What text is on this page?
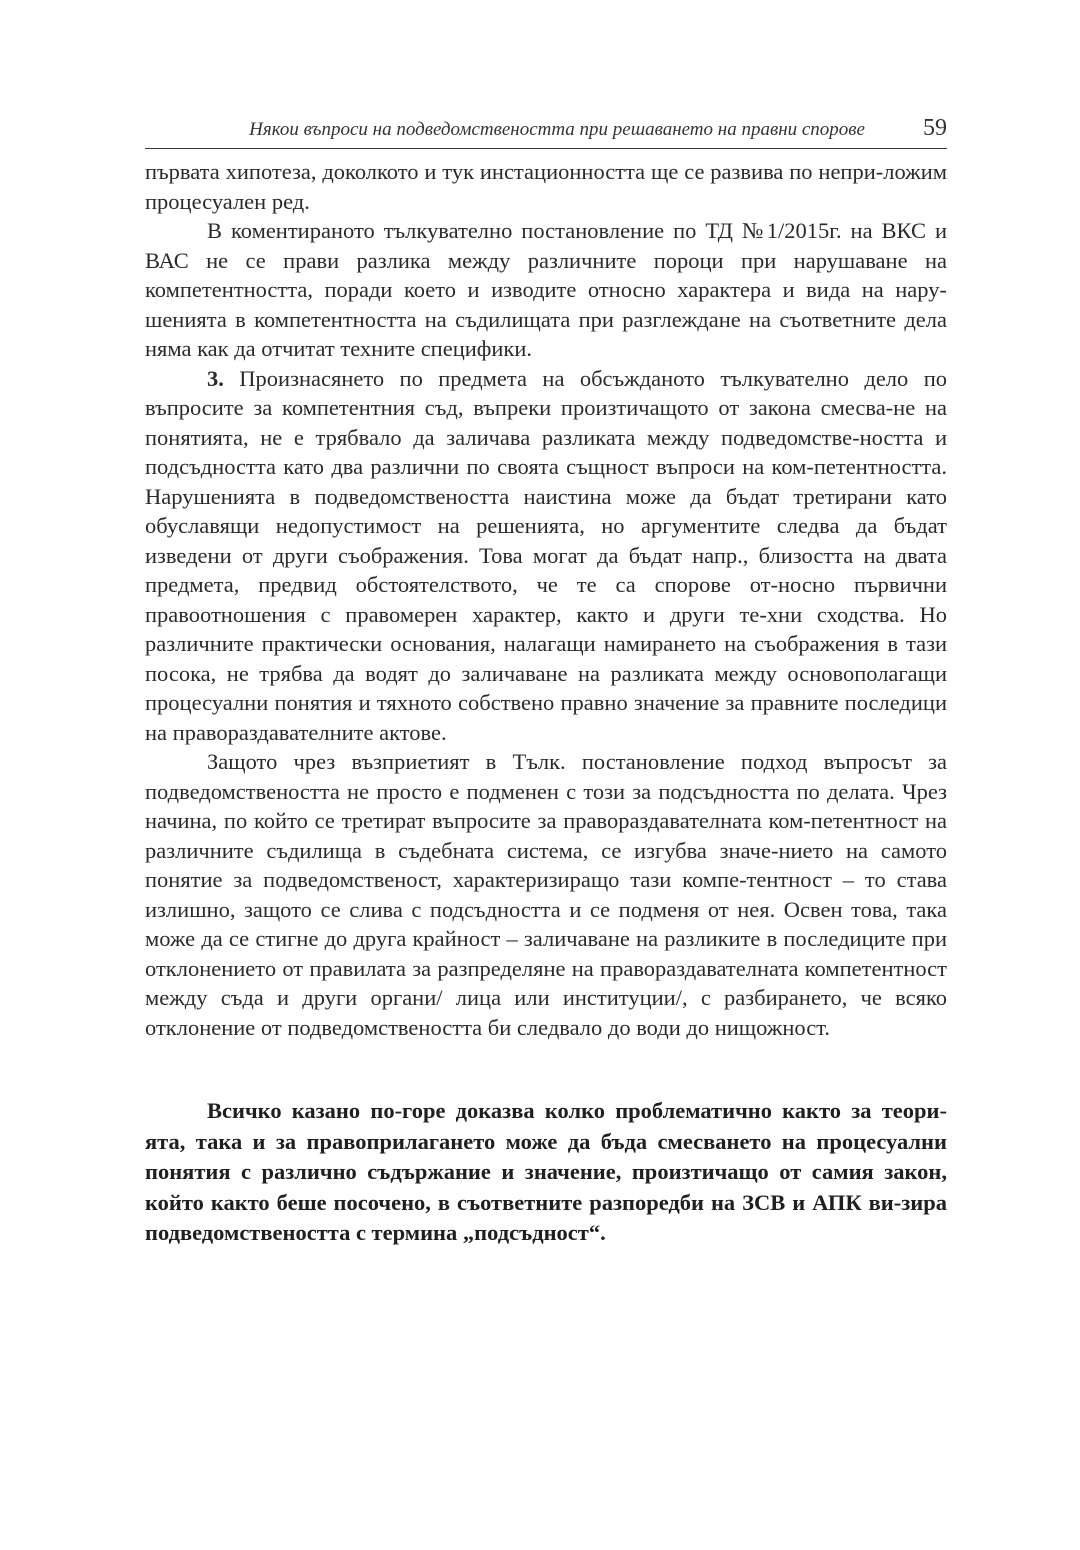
Някои въпроси на подведомствеността при решаването на правни спорове 59

първата хипотеза, доколкото и тук инстационността ще се развива по непри-ложим процесуален ред.

В коментираното тълкувателно постановление по ТД №1/2015г. на ВКС и ВАС не се прави разлика между различните пороци при нарушаване на компетентността, поради което и изводите относно характера и вида на нару-шенията в компетентността на съдилищата при разглеждане на съответните дела няма как да отчитат техните специфики.

3. Произнасянето по предмета на обсъжданото тълкувателно дело по въпросите за компетентния съд, въпреки произтичащото от закона смесва-не на понятията, не е трябвало да заличава разликата между подведомстве-ността и подсъдността като два различни по своята същност въпроси на ком-петентността. Нарушенията в подведомствеността наистина може да бъдат третирани като обуславящи недопустимост на решенията, но аргументите следва да бъдат изведени от други съображения. Това могат да бъдат напр., близостта на двата предмета, предвид обстоятелството, че те са спорове от-носно първични правоотношения с правомерен характер, както и други те-хни сходства. Но различните практически основания, налагащи намирането на съображения в тази посока, не трябва да водят до заличаване на разликата между основополагащи процесуални понятия и тяхното собствено правно значение за правните последици на правораздавателните актове.

Защото чрез възприетият в Тълк. постановление подход въпросът за подведомствеността не просто е подменен с този за подсъдността по делата. Чрез начина, по който се третират въпросите за правораздавателната ком-петентност на различните съдилища в съдебната система, се изгубва значе-нието на самото понятие за подведомственост, характеризиращо тази компе-тентност – то става излишно, защото се слива с подсъдността и се подменя от нея. Освен това, така може да се стигне до друга крайност – заличаване на разликите в последиците при отклонението от правилата за разпределяне на правораздавателната компетентност между съда и други органи/ лица или институции/, с разбирането, че всяко отклонение от подведомствеността би следвало до води до нищожност.

Всичко казано по-горе доказва колко проблематично както за теори-ята, така и за правоприлагането може да бъда смесването на процесуални понятия с различно съдържание и значение, произтичащо от самия закон, който както беше посочено, в съответните разпоредби на ЗСВ и АПК ви-зира подведомствеността с термина „подсъдност“.
